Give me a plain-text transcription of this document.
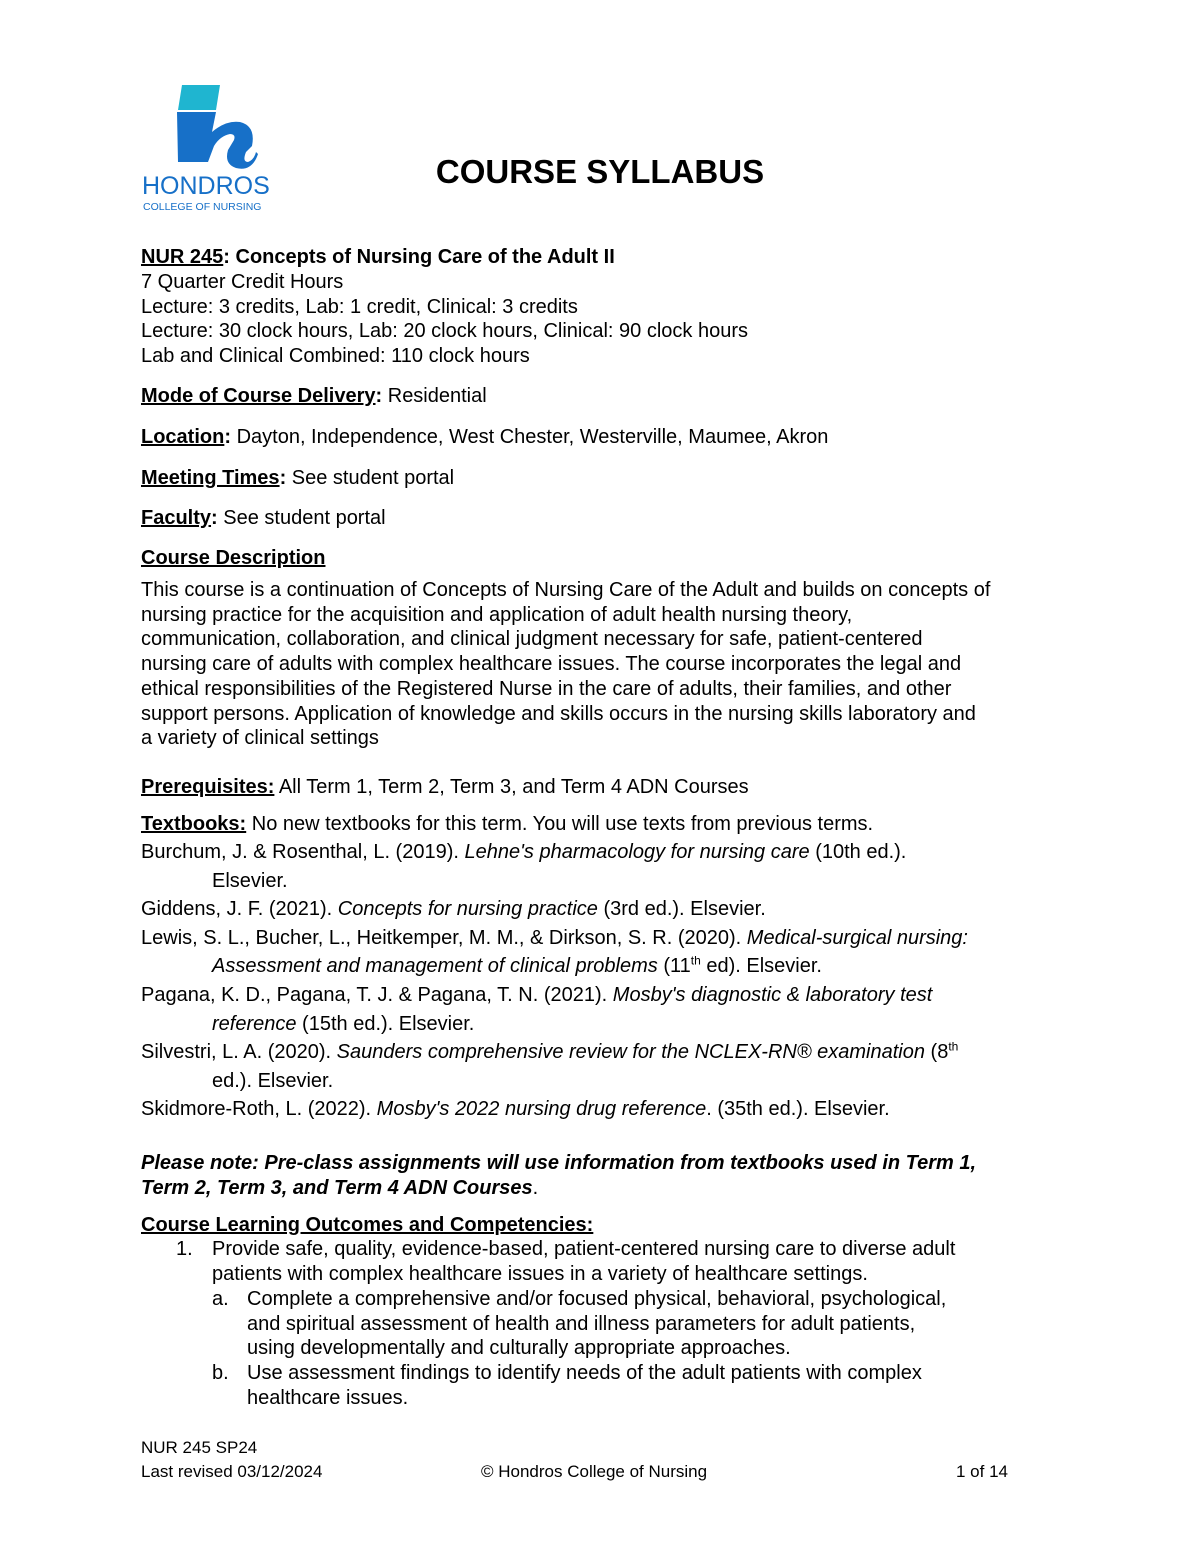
HONDROS
COLLEGE OF NURSING
COURSE SYLLABUS
NUR 245: Concepts of Nursing Care of the Adult II
7 Quarter Credit Hours
Lecture: 3 credits, Lab: 1 credit, Clinical: 3 credits
Lecture: 30 clock hours, Lab: 20 clock hours, Clinical: 90 clock hours
Lab and Clinical Combined: 110 clock hours
Mode of Course Delivery: Residential
Location: Dayton, Independence, West Chester, Westerville, Maumee, Akron
Meeting Times: See student portal
Faculty: See student portal
Course Description
This course is a continuation of Concepts of Nursing Care of the Adult and builds on concepts of
nursing practice for the acquisition and application of adult health nursing theory,
communication, collaboration, and clinical judgment necessary for safe, patient-centered
nursing care of adults with complex healthcare issues. The course incorporates the legal and
ethical responsibilities of the Registered Nurse in the care of adults, their families, and other
support persons. Application of knowledge and skills occurs in the nursing skills laboratory and
a variety of clinical settings
Prerequisites: All Term 1, Term 2, Term 3, and Term 4 ADN Courses
Textbooks: No new textbooks for this term. You will use texts from previous terms.
Burchum, J. & Rosenthal, L. (2019). Lehne's pharmacology for nursing care (10th ed.).
Elsevier.
Giddens, J. F. (2021). Concepts for nursing practice (3rd ed.). Elsevier.
Lewis, S. L., Bucher, L., Heitkemper, M. M., & Dirkson, S. R. (2020). Medical-surgical nursing:
Assessment and management of clinical problems (11th ed). Elsevier.
Pagana, K. D., Pagana, T. J. & Pagana, T. N. (2021). Mosby's diagnostic & laboratory test
reference (15th ed.). Elsevier.
Silvestri, L. A. (2020). Saunders comprehensive review for the NCLEX-RN® examination (8th
ed.). Elsevier.
Skidmore-Roth, L. (2022). Mosby's 2022 nursing drug reference. (35th ed.). Elsevier.
Please note: Pre-class assignments will use information from textbooks used in Term 1,
Term 2, Term 3, and Term 4 ADN Courses.
Course Learning Outcomes and Competencies:
1. Provide safe, quality, evidence-based, patient-centered nursing care to diverse adult
patients with complex healthcare issues in a variety of healthcare settings.
a. Complete a comprehensive and/or focused physical, behavioral, psychological,
and spiritual assessment of health and illness parameters for adult patients,
using developmentally and culturally appropriate approaches.
b. Use assessment findings to identify needs of the adult patients with complex
healthcare issues.
NUR 245 SP24
Last revised 03/12/2024	© Hondros College of Nursing	1 of 14
